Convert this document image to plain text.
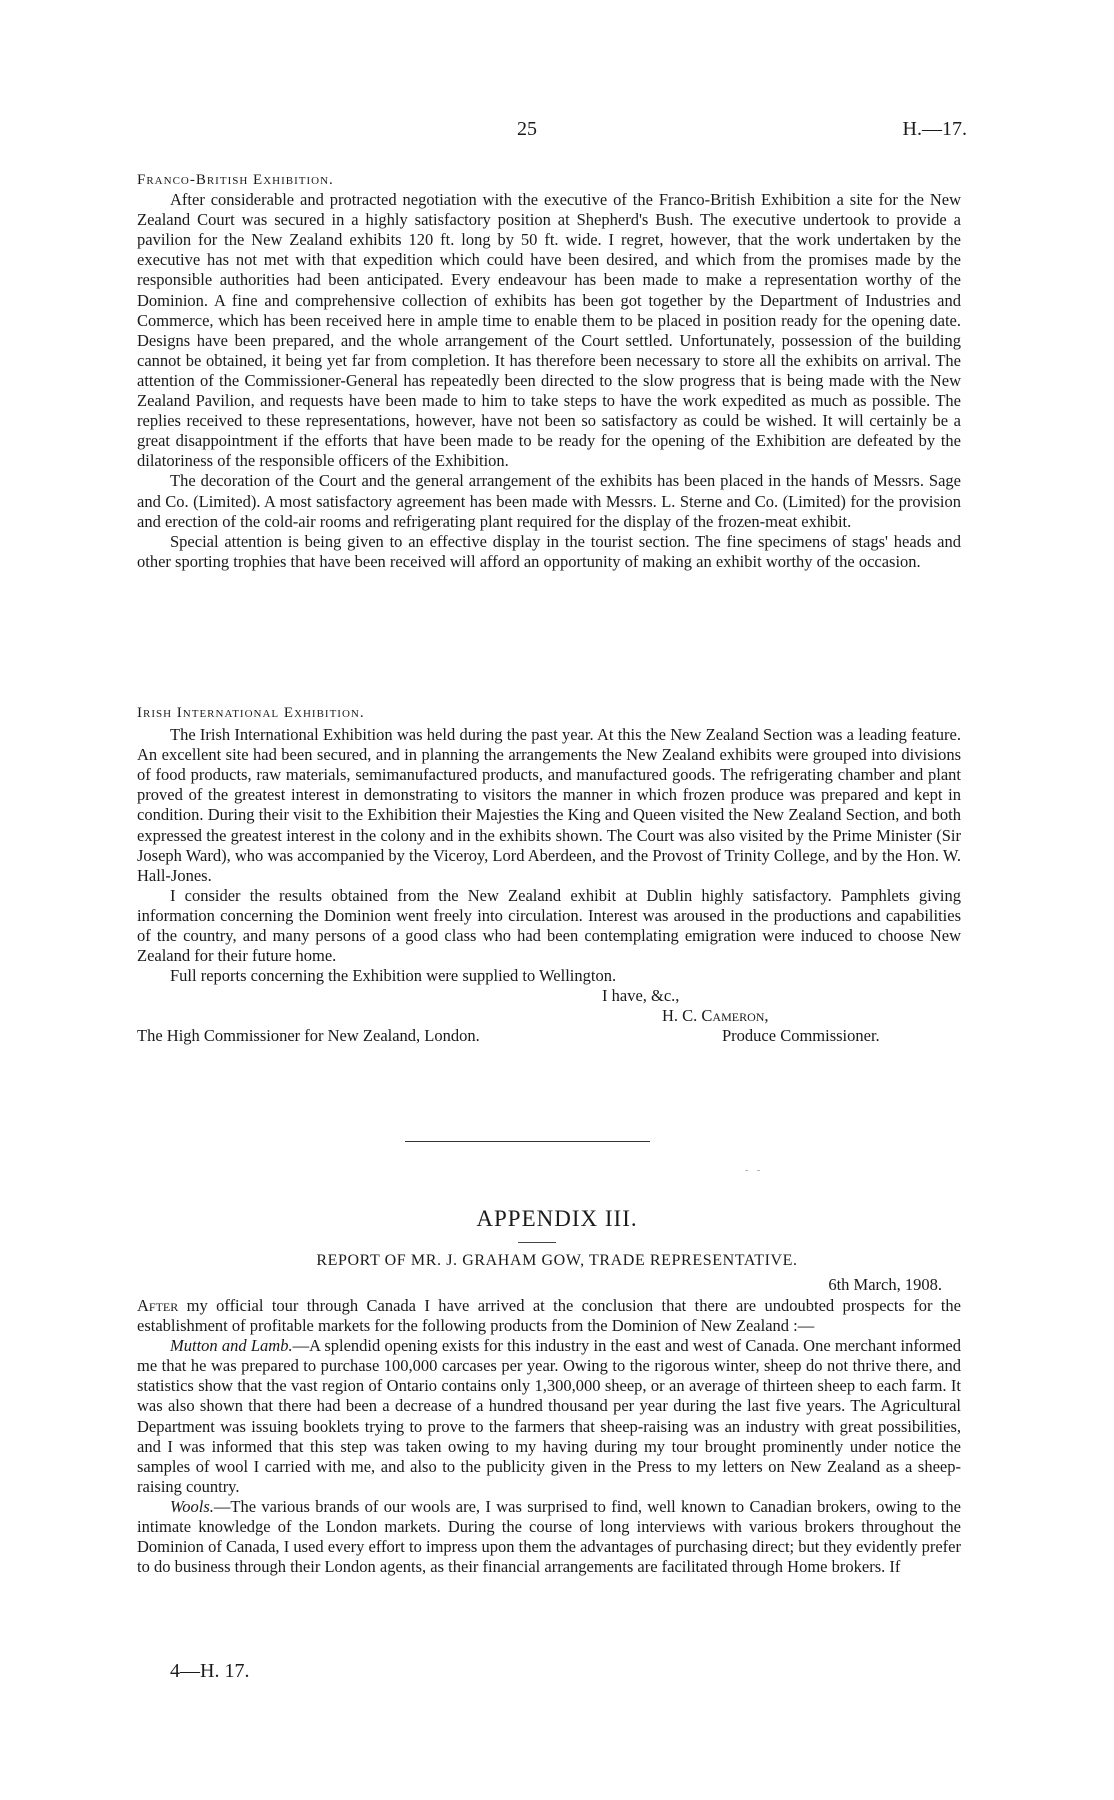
25	H.—17.

Franco-British Exhibition.

After considerable and protracted negotiation with the executive of the Franco-British Exhibition a site for the New Zealand Court was secured in a highly satisfactory position at Shepherd's Bush. The executive undertook to provide a pavilion for the New Zealand exhibits 120 ft. long by 50 ft. wide. I regret, however, that the work undertaken by the executive has not met with that expedition which could have been desired, and which from the promises made by the responsible authorities had been anticipated. Every endeavour has been made to make a representation worthy of the Dominion. A fine and comprehensive collection of exhibits has been got together by the Department of Industries and Commerce, which has been received here in ample time to enable them to be placed in position ready for the opening date. Designs have been prepared, and the whole arrangement of the Court settled. Unfortunately, possession of the building cannot be obtained, it being yet far from completion. It has therefore been necessary to store all the exhibits on arrival. The attention of the Commissioner-General has repeatedly been directed to the slow progress that is being made with the New Zealand Pavilion, and requests have been made to him to take steps to have the work expedited as much as possible. The replies received to these representations, however, have not been so satisfactory as could be wished. It will certainly be a great disappointment if the efforts that have been made to be ready for the opening of the Exhibition are defeated by the dilatoriness of the responsible officers of the Exhibition.

The decoration of the Court and the general arrangement of the exhibits has been placed in the hands of Messrs. Sage and Co. (Limited). A most satisfactory agreement has been made with Messrs. L. Sterne and Co. (Limited) for the provision and erection of the cold-air rooms and refrigerating plant required for the display of the frozen-meat exhibit.

Special attention is being given to an effective display in the tourist section. The fine specimens of stags' heads and other sporting trophies that have been received will afford an opportunity of making an exhibit worthy of the occasion.

Irish International Exhibition.

The Irish International Exhibition was held during the past year. At this the New Zealand Section was a leading feature. An excellent site had been secured, and in planning the arrangements the New Zealand exhibits were grouped into divisions of food products, raw materials, semimanufactured products, and manufactured goods. The refrigerating chamber and plant proved of the greatest interest in demonstrating to visitors the manner in which frozen produce was prepared and kept in condition. During their visit to the Exhibition their Majesties the King and Queen visited the New Zealand Section, and both expressed the greatest interest in the colony and in the exhibits shown. The Court was also visited by the Prime Minister (Sir Joseph Ward), who was accompanied by the Viceroy, Lord Aberdeen, and the Provost of Trinity College, and by the Hon. W. Hall-Jones.

I consider the results obtained from the New Zealand exhibit at Dublin highly satisfactory. Pamphlets giving information concerning the Dominion went freely into circulation. Interest was aroused in the productions and capabilities of the country, and many persons of a good class who had been contemplating emigration were induced to choose New Zealand for their future home.

Full reports concerning the Exhibition were supplied to Wellington.

I have, &c.,
H. C. Cameron,
The High Commissioner for New Zealand, London.	Produce Commissioner.
- -
APPENDIX III.
REPORT OF MR. J. GRAHAM GOW, TRADE REPRESENTATIVE.
6th March, 1908.

After my official tour through Canada I have arrived at the conclusion that there are undoubted prospects for the establishment of profitable markets for the following products from the Dominion of New Zealand :—

Mutton and Lamb.—A splendid opening exists for this industry in the east and west of Canada. One merchant informed me that he was prepared to purchase 100,000 carcases per year. Owing to the rigorous winter, sheep do not thrive there, and statistics show that the vast region of Ontario contains only 1,300,000 sheep, or an average of thirteen sheep to each farm. It was also shown that there had been a decrease of a hundred thousand per year during the last five years. The Agricultural Department was issuing booklets trying to prove to the farmers that sheep-raising was an industry with great possibilities, and I was informed that this step was taken owing to my having during my tour brought prominently under notice the samples of wool I carried with me, and also to the publicity given in the Press to my letters on New Zealand as a sheep-raising country.

Wools.—The various brands of our wools are, I was surprised to find, well known to Canadian brokers, owing to the intimate knowledge of the London markets. During the course of long interviews with various brokers throughout the Dominion of Canada, I used every effort to impress upon them the advantages of purchasing direct; but they evidently prefer to do business through their London agents, as their financial arrangements are facilitated through Home brokers. If

4—H. 17.
